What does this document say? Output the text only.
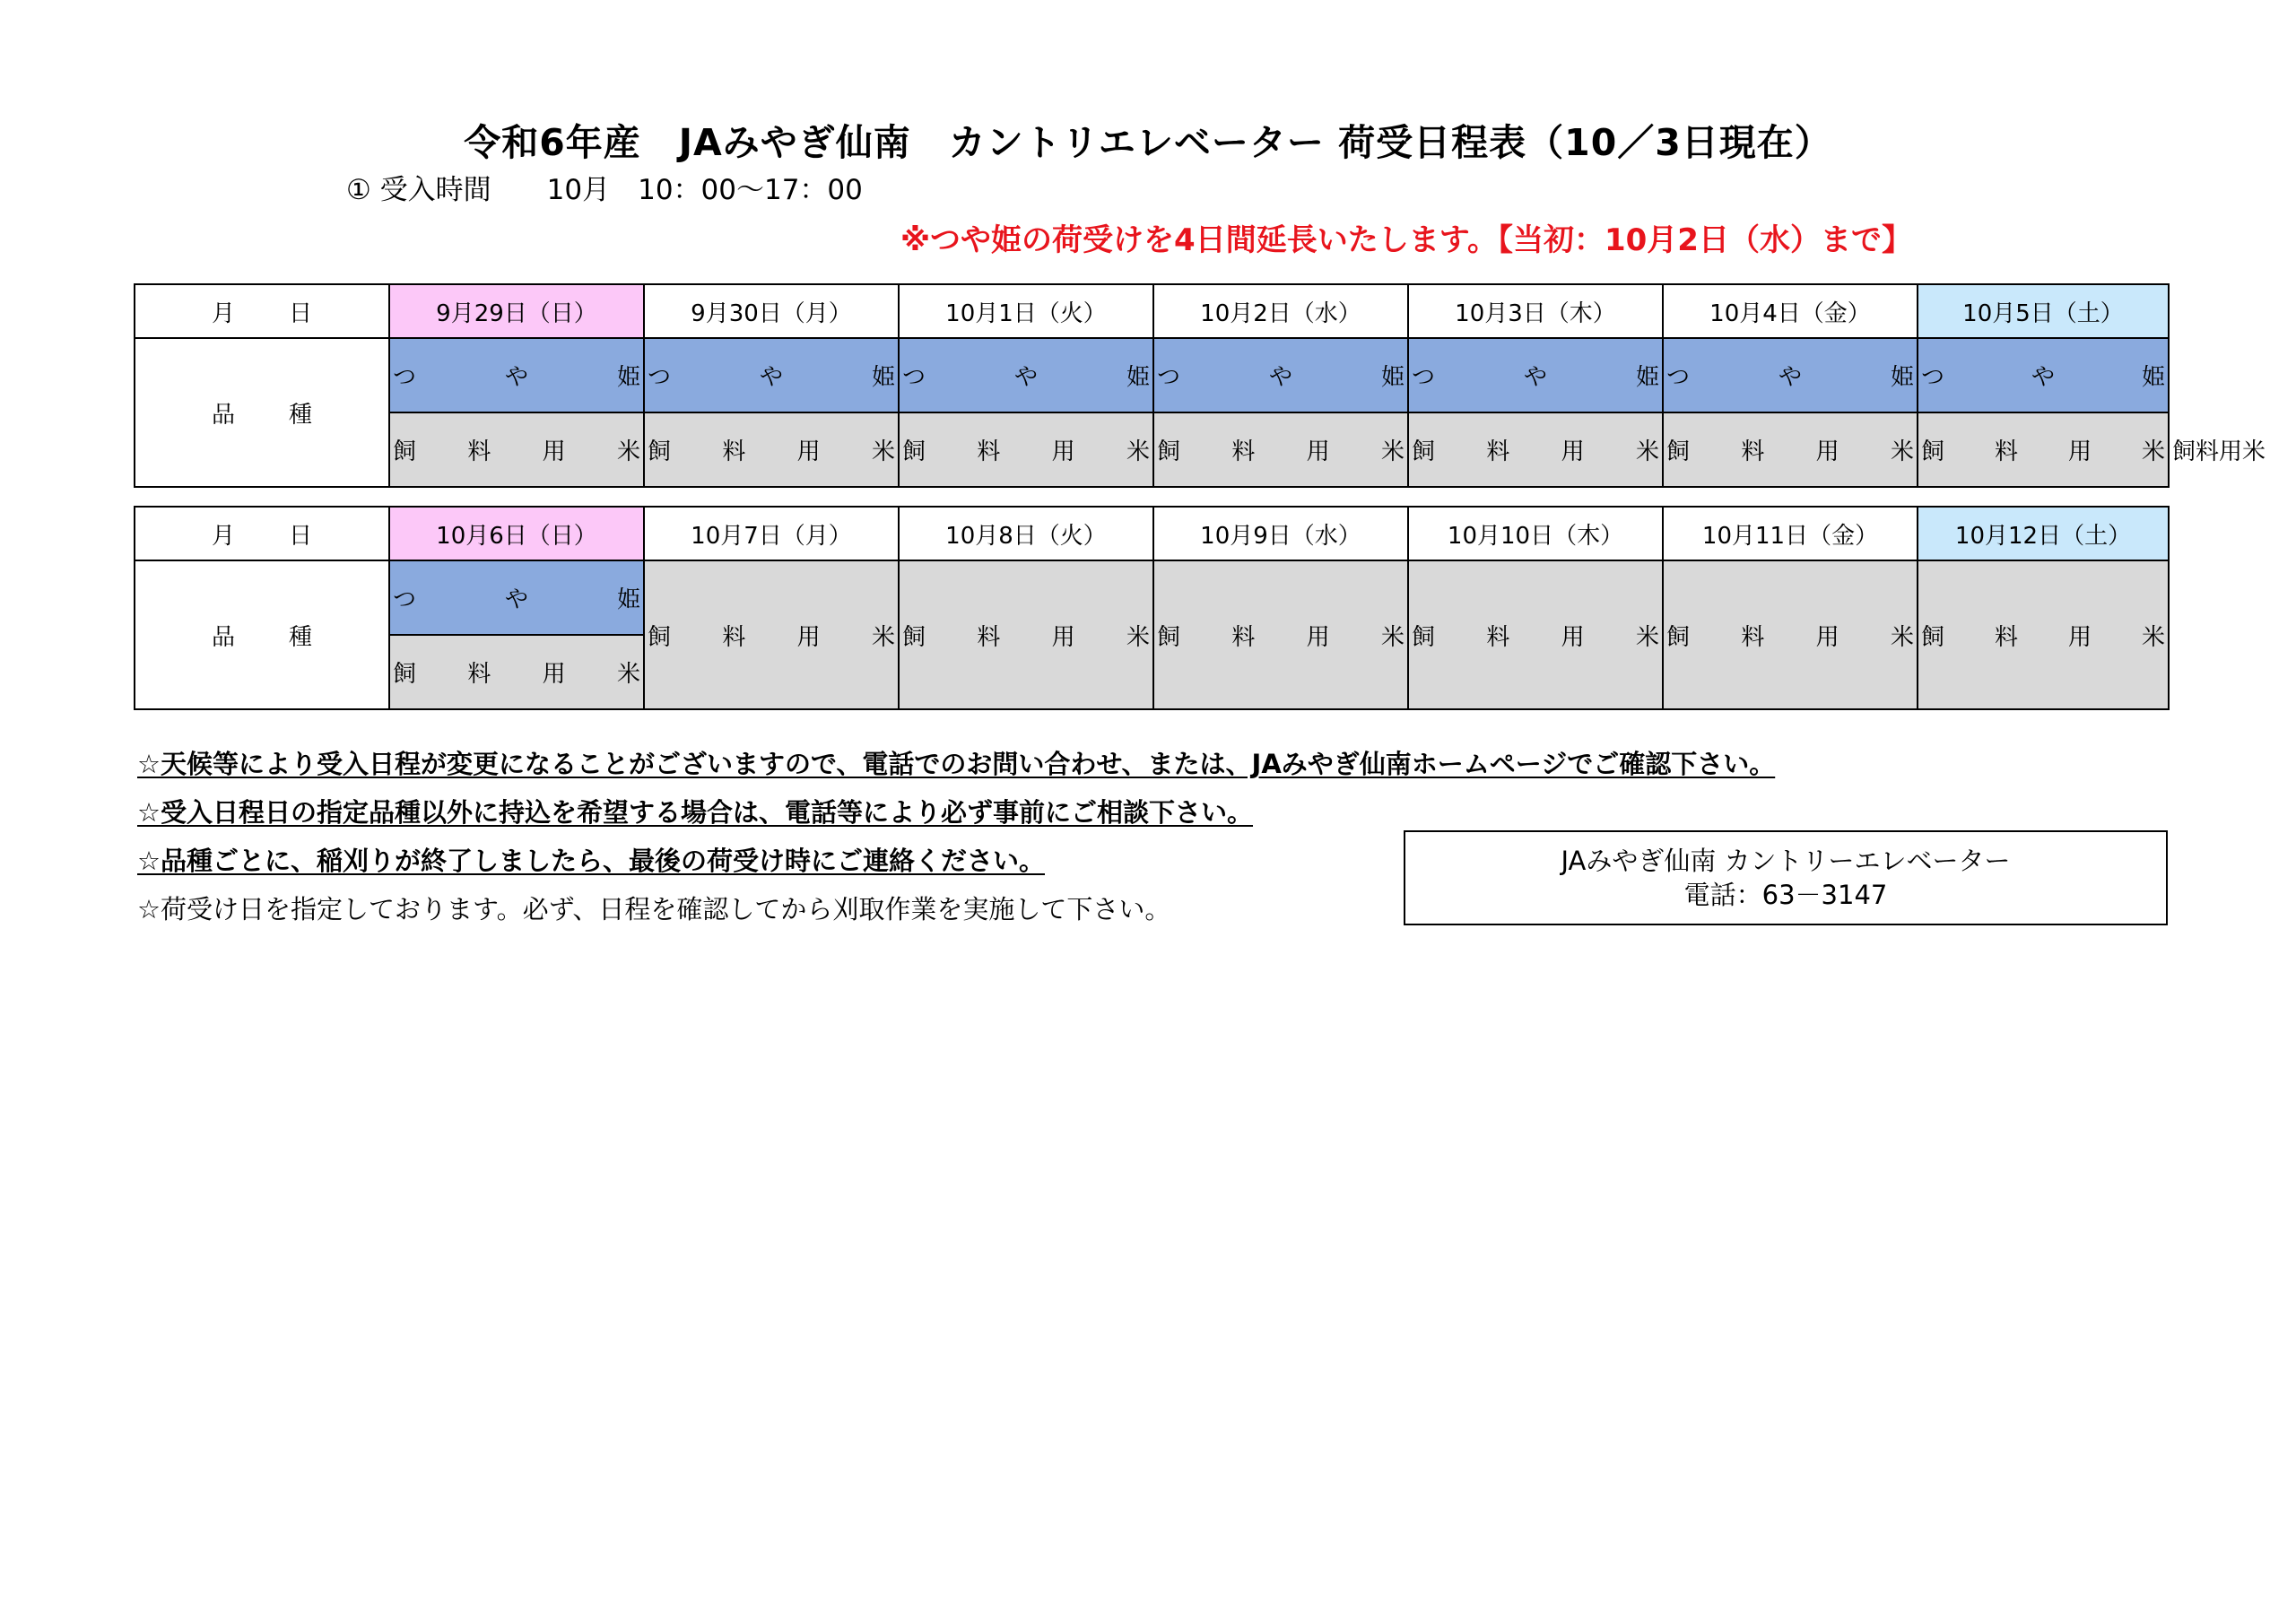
令和6年産　JAみやぎ仙南　カントリエレベーター 荷受日程表（10／3日現在）
① 受入時間　　10月　10：00～17：00
※つや姫の荷受けを4日間延長いたします。【当初：10月2日（水）まで】
月 日	9月29日（日）	9月30日（月）	10月1日（火）	10月2日（水）	10月3日（木）	10月4日（金）	10月5日（土）	
品 種	つ や 姫	つ や 姫	つ や 姫	つ や 姫	つ や 姫	つ や 姫	つ や 姫	

	飼 料 用 米	飼 料 用 米	飼 料 用 米	飼 料 用 米	飼 料 用 米	飼 料 用 米	飼 料 用 米	飼 料 用 米
月 日	10月6日（日）	10月7日（月）	10月8日（火）	10月9日（水）	10月10日（木）	10月11日（金）	10月12日（土）
品 種	つ や 姫	飼 料 用 米	飼 料 用 米	飼 料 用 米	飼 料 用 米	飼 料 用 米	飼 料 用 米

	飼 料 用 米						
☆天候等により受入日程が変更になることがございますので、電話でのお問い合わせ、または、JAみやぎ仙南ホームページでご確認下さい。
☆受入日程日の指定品種以外に持込を希望する場合は、電話等により必ず事前にご相談下さい。
☆品種ごとに、稲刈りが終了しましたら、最後の荷受け時にご連絡ください。
☆荷受け日を指定しております。必ず、日程を確認してから刈取作業を実施して下さい。
JAみやぎ仙南 カントリーエレベーター
電話：63－3147
